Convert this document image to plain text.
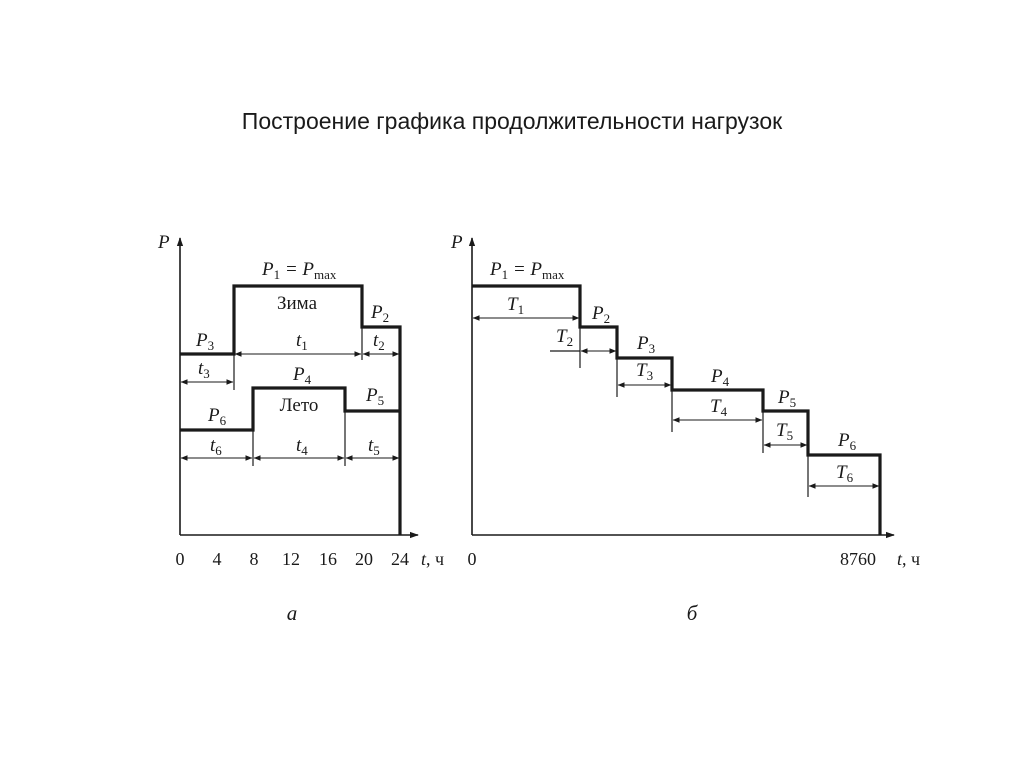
Построение графика продолжительности нагрузок
P
0 4 8 12 16 20 24 t, ч
$P_1 = P_{max}$
Зима	$P_2$
$P_3$	$t_1$	$t_2$
$t_3$	$P_4$
Лето	$P_5$
$P_6$
$t_6$	$t_4$	$t_5$
а
P
0	8760 t, ч
$P_1 = P_{max}$
$T_1$	$P_2$
$T_2$	$P_3$
$T_3$	$P_4$
$P_5$
$T_4$
$T_5$ $P_6$
$T_6$
б
